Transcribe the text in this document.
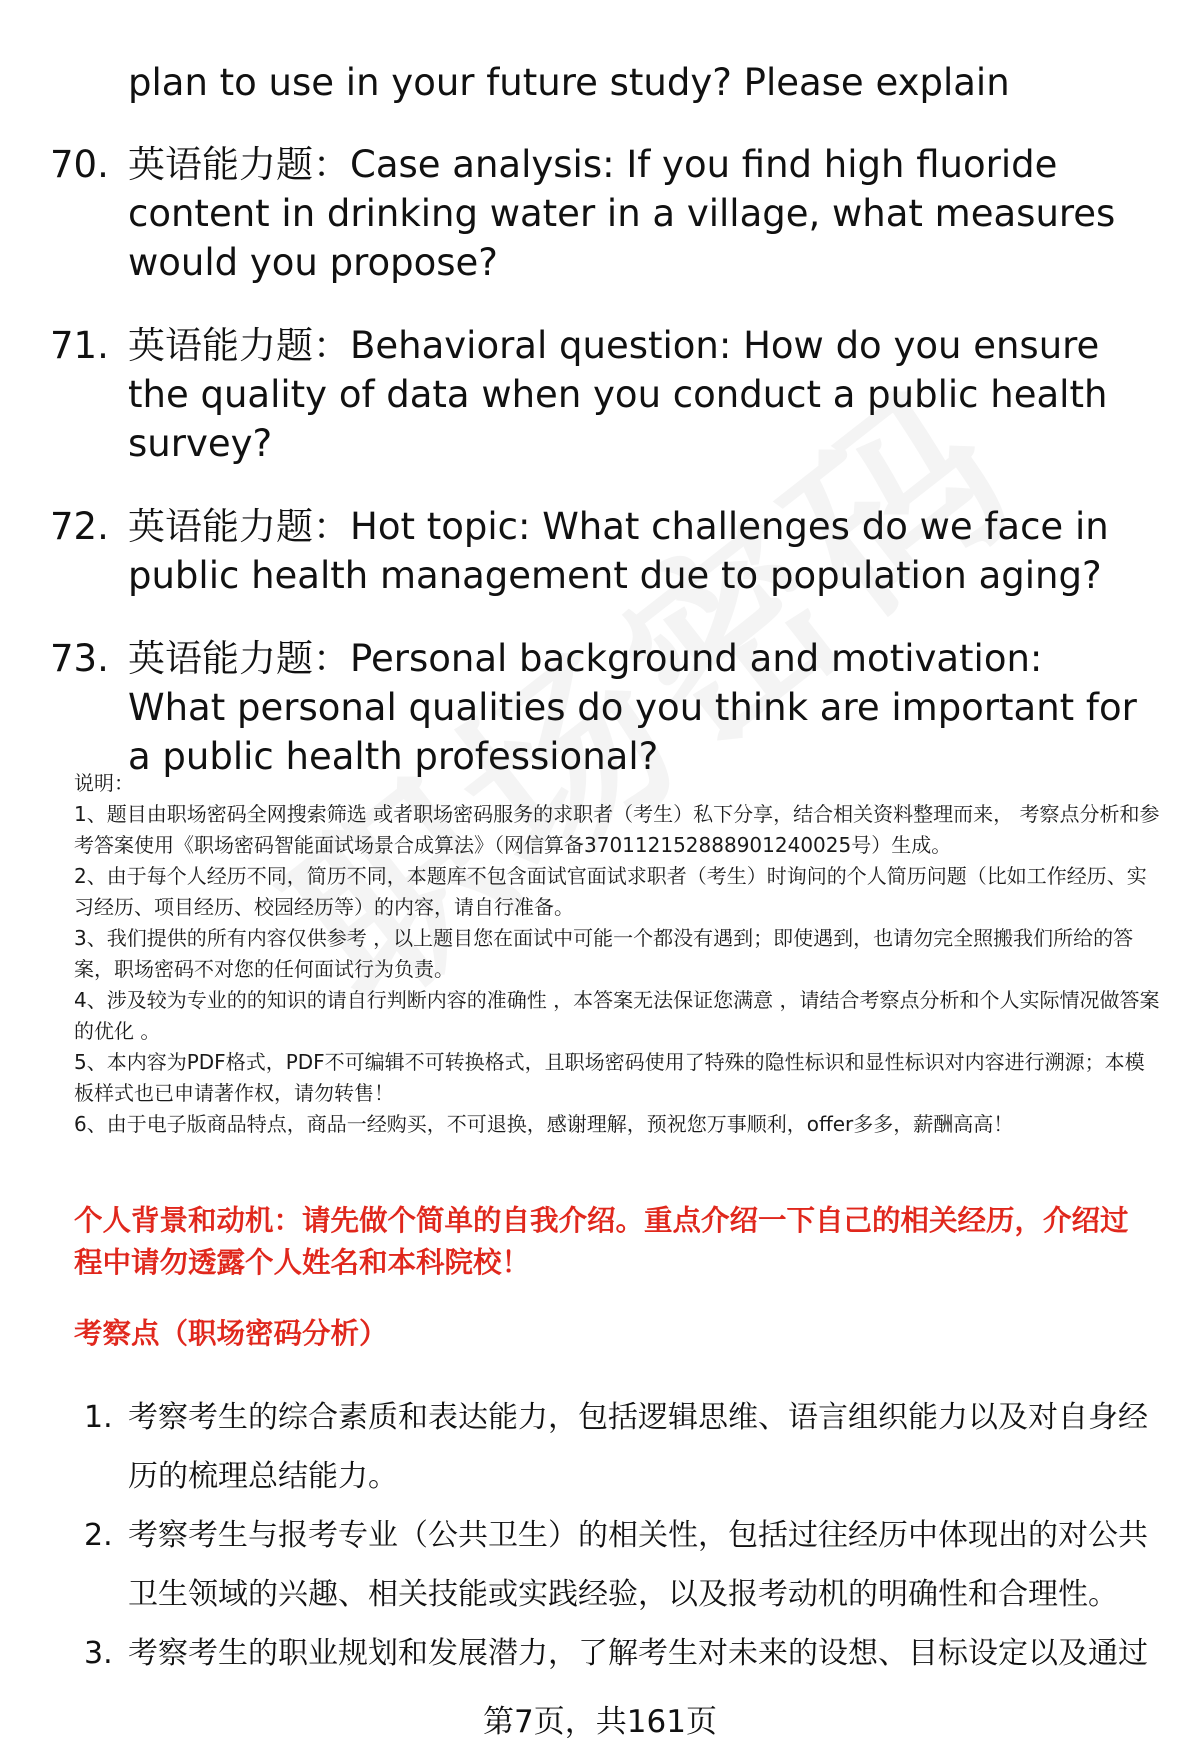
plan to use in your future study? Please explain
70. 英语能力题：Case analysis: If you find high fluoride content in drinking water in a village, what measures would you propose?
71. 英语能力题：Behavioral question: How do you ensure the quality of data when you conduct a public health survey?
72. 英语能力题：Hot topic: What challenges do we face in public health management due to population aging?
73. 英语能力题：Personal background and motivation: What personal qualities do you think are important for a public health professional?
说明：
1、题目由职场密码全网搜索筛选 或者职场密码服务的求职者（考生）私下分享，结合相关资料整理而来， 考察点分析和参考答案使用《职场密码智能面试场景合成算法》（网信算备370112152888901240025号）生成。
2、由于每个人经历不同，简历不同，本题库不包含面试官面试求职者（考生）时询问的个人简历问题（比如工作经历、实习经历、项目经历、校园经历等）的内容，请自行准备。
3、我们提供的所有内容仅供参考 ，以上题目您在面试中可能一个都没有遇到；即使遇到，也请勿完全照搬我们所给的答案，职场密码不对您的任何面试行为负责。
4、涉及较为专业的的知识的请自行判断内容的准确性 ，本答案无法保证您满意 ，请结合考察点分析和个人实际情况做答案的优化 。
5、本内容为PDF格式，PDF不可编辑不可转换格式，且职场密码使用了特殊的隐性标识和显性标识对内容进行溯源；本模板样式也已申请著作权，请勿转售！
6、由于电子版商品特点，商品一经购买，不可退换，感谢理解，预祝您万事顺利，offer多多，薪酬高高！
个人背景和动机：请先做个简单的自我介绍。重点介绍一下自己的相关经历，介绍过程中请勿透露个人姓名和本科院校！
考察点（职场密码分析）
1. 考察考生的综合素质和表达能力，包括逻辑思维、语言组织能力以及对自身经历的梳理总结能力。
2. 考察考生与报考专业（公共卫生）的相关性，包括过往经历中体现出的对公共卫生领域的兴趣、相关技能或实践经验，以及报考动机的明确性和合理性。
3. 考察考生的职业规划和发展潜力，了解考生对未来的设想、目标设定以及通过
第7页，共161页
